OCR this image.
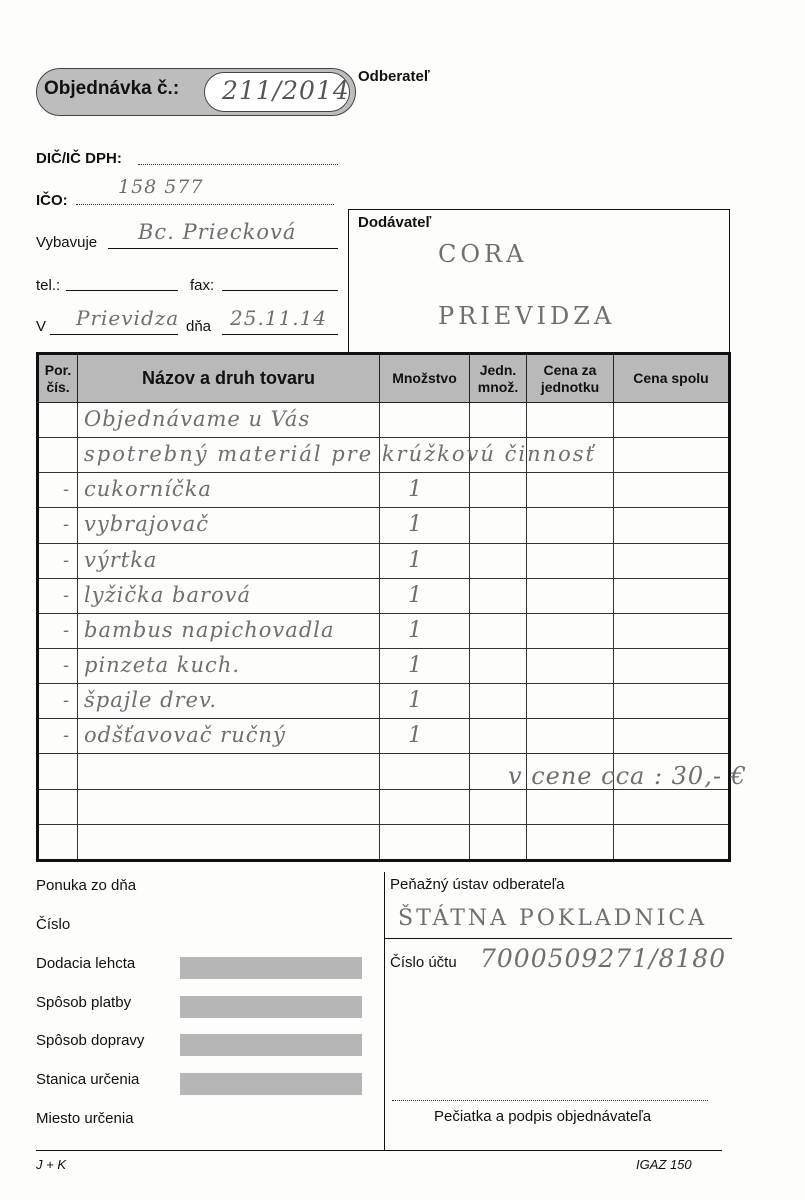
Objednávka č.: 211/2014 Odberateľ
DIČ/IČ DPH:
IČO:
158 577
Vybavuje Bc. Priecková
tel.:	fax:
V Prievidza dňa 25.11.14
Dodávateľ
CORA
PRIEVIDZA
Por. čís.	Názov a druh tovaru	Množstvo	Jedn. množ.	Cena za jednotku	Cena spolu

	Objednávame u Vás				

	spotrebný materiál pre krúžkovú činnosť				

-	cukorníčka	1			

-	vybrajovač	1			

-	výrtka	1			

-	lyžička barová	1			

-	bambus napichovadla	1			

-	pinzeta kuch.	1			

-	špajle drev.	1			

-	odšťavovač ručný	1			

v cene cca : 30,- €
Ponuka zo dňa
Číslo
Dodacia lehcta
Spôsob platby
Spôsob dopravy
Stanica určenia
Miesto určenia
Peňažný ústav odberateľa
ŠTÁTNA POKLADNICA
Číslo účtu 7000509271/8180
Pečiatka a podpis objednávateľa
J + K	IGAZ 150
